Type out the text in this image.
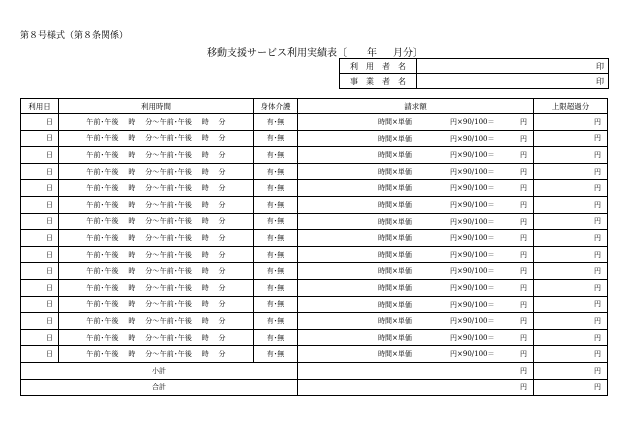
第８号様式（第８条関係）
移動支援サービス利用実績表〔 年 月分〕
利　用　者　名	印
事　業　者　名	印
利用日	利用時間	身体介護	請求額	上限超過分
日	午前･午後　 時　 分～午前･午後　 時　 分	有･無	時間×単価 円×90/100＝ 円	円
日	午前･午後　 時　 分～午前･午後　 時　 分	有･無	時間×単価 円×90/100＝ 円	円
日	午前･午後　 時　 分～午前･午後　 時　 分	有･無	時間×単価 円×90/100＝ 円	円
日	午前･午後　 時　 分～午前･午後　 時　 分	有･無	時間×単価 円×90/100＝ 円	円
日	午前･午後　 時　 分～午前･午後　 時　 分	有･無	時間×単価 円×90/100＝ 円	円
日	午前･午後　 時　 分～午前･午後　 時　 分	有･無	時間×単価 円×90/100＝ 円	円
日	午前･午後　 時　 分～午前･午後　 時　 分	有･無	時間×単価 円×90/100＝ 円	円
日	午前･午後　 時　 分～午前･午後　 時　 分	有･無	時間×単価 円×90/100＝ 円	円
日	午前･午後　 時　 分～午前･午後　 時　 分	有･無	時間×単価 円×90/100＝ 円	円
日	午前･午後　 時　 分～午前･午後　 時　 分	有･無	時間×単価 円×90/100＝ 円	円
日	午前･午後　 時　 分～午前･午後　 時　 分	有･無	時間×単価 円×90/100＝ 円	円
日	午前･午後　 時　 分～午前･午後　 時　 分	有･無	時間×単価 円×90/100＝ 円	円
日	午前･午後　 時　 分～午前･午後　 時　 分	有･無	時間×単価 円×90/100＝ 円	円
日	午前･午後　 時　 分～午前･午後　 時　 分	有･無	時間×単価 円×90/100＝ 円	円
日	午前･午後　 時　 分～午前･午後　 時　 分	有･無	時間×単価 円×90/100＝ 円	円
小計			円	円
合計			円	円
